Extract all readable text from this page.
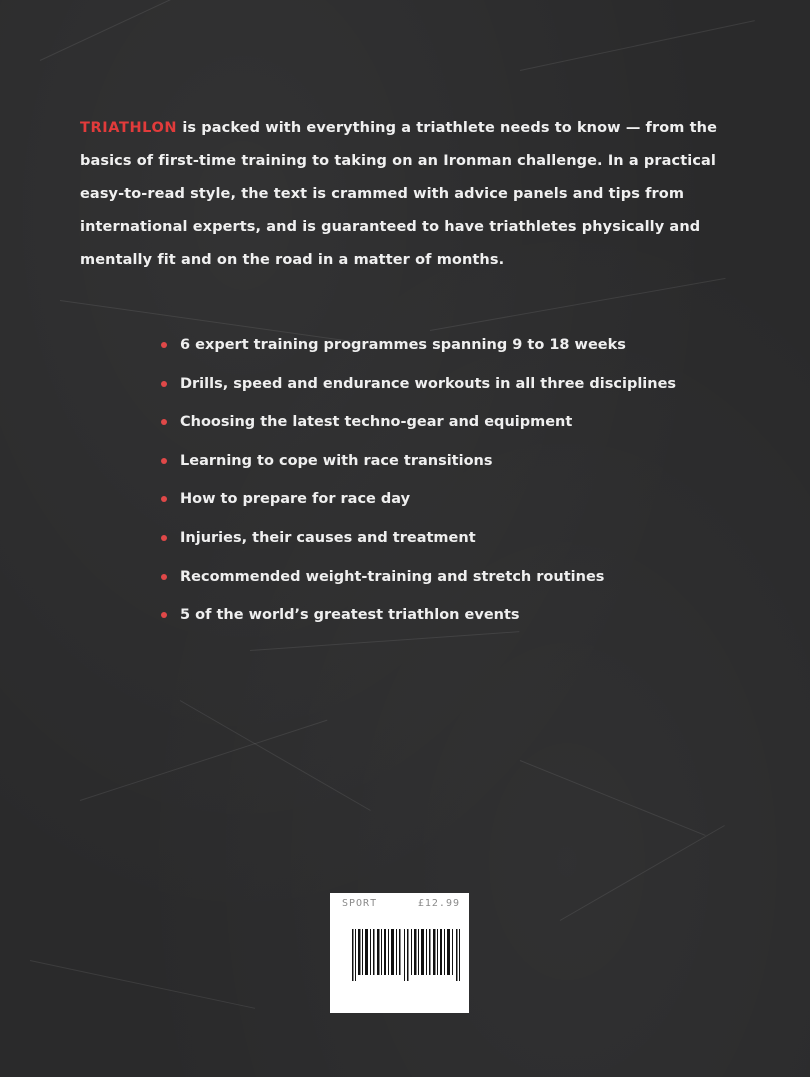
TRIATHLON is packed with everything a triathlete needs to know — from the basics of first-time training to taking on an Ironman challenge. In a practical easy-to-read style, the text is crammed with advice panels and tips from international experts, and is guaranteed to have triathletes physically and mentally fit and on the road in a matter of months.

6 expert training programmes spanning 9 to 18 weeks
Drills, speed and endurance workouts in all three disciplines
Choosing the latest techno-gear and equipment
Learning to cope with race transitions
How to prepare for race day
Injuries, their causes and treatment
Recommended weight-training and stretch routines
5 of the world’s greatest triathlon events
SPORT	£12.99
